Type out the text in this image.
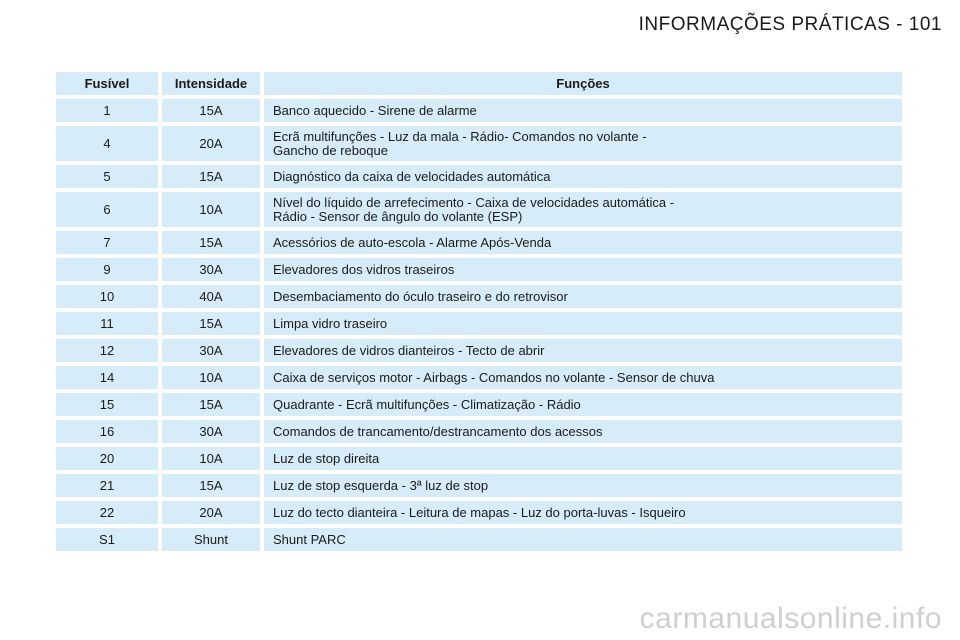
INFORMAÇÕES PRÁTICAS - 101
Fusível	Intensidade	Funções
1	15A	Banco aquecido - Sirene de alarme

4	20A	Ecrã multifunções - Luz da mala - Rádio- Comandos no volante -
Gancho de reboque

5	15A	Diagnóstico da caixa de velocidades automática

6	10A	Nível do líquido de arrefecimento - Caixa de velocidades automática -
Rádio - Sensor de ângulo do volante (ESP)

7	15A	Acessórios de auto-escola - Alarme Após-Venda

9	30A	Elevadores dos vidros traseiros

10	40A	Desembaciamento do óculo traseiro e do retrovisor

11	15A	Limpa vidro traseiro

12	30A	Elevadores de vidros dianteiros - Tecto de abrir

14	10A	Caixa de serviços motor - Airbags - Comandos no volante - Sensor de chuva

15	15A	Quadrante - Ecrã multifunções - Climatização - Rádio

16	30A	Comandos de trancamento/destrancamento dos acessos

20	10A	Luz de stop direita

21	15A	Luz de stop esquerda - 3ª luz de stop

22	20A	Luz do tecto dianteira - Leitura de mapas - Luz do porta-luvas - Isqueiro

S1	Shunt	Shunt PARC
carmanualsonline.info
